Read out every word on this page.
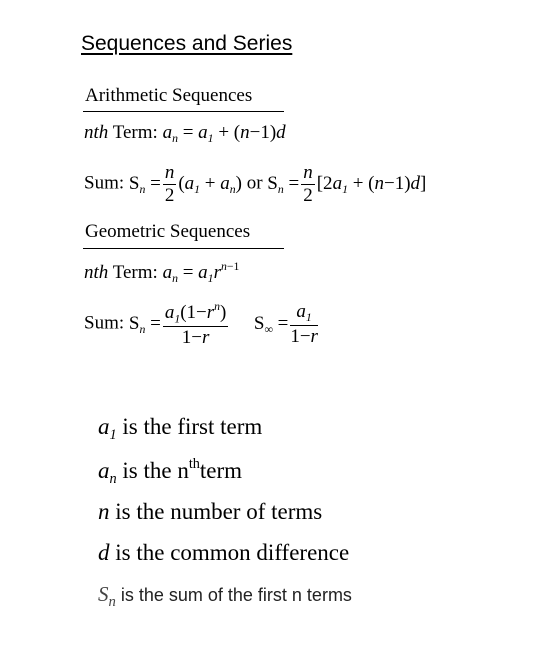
Sequences and Series
Arithmetic Sequences
nth Term: $a_n = a_1 + (n-1)d$
Sum: $S_n = \frac{n}{2} (a_1 + a_n)$ or $S_n = \frac{n}{2} [2a_1 + (n-1)d]$
Geometric Sequences
nth Term: $a_n = a_1r^{n-1}$
Sum: $S_n = \frac{a_1(1-r^n)}{1-r} S_\infty = \frac{a_1}{1-r}$
$a_1$ is the first term
$a_n$ is the $n^{th}term$
n is the number of terms
d is the common difference
$S_n$ is the sum of the first n terms
